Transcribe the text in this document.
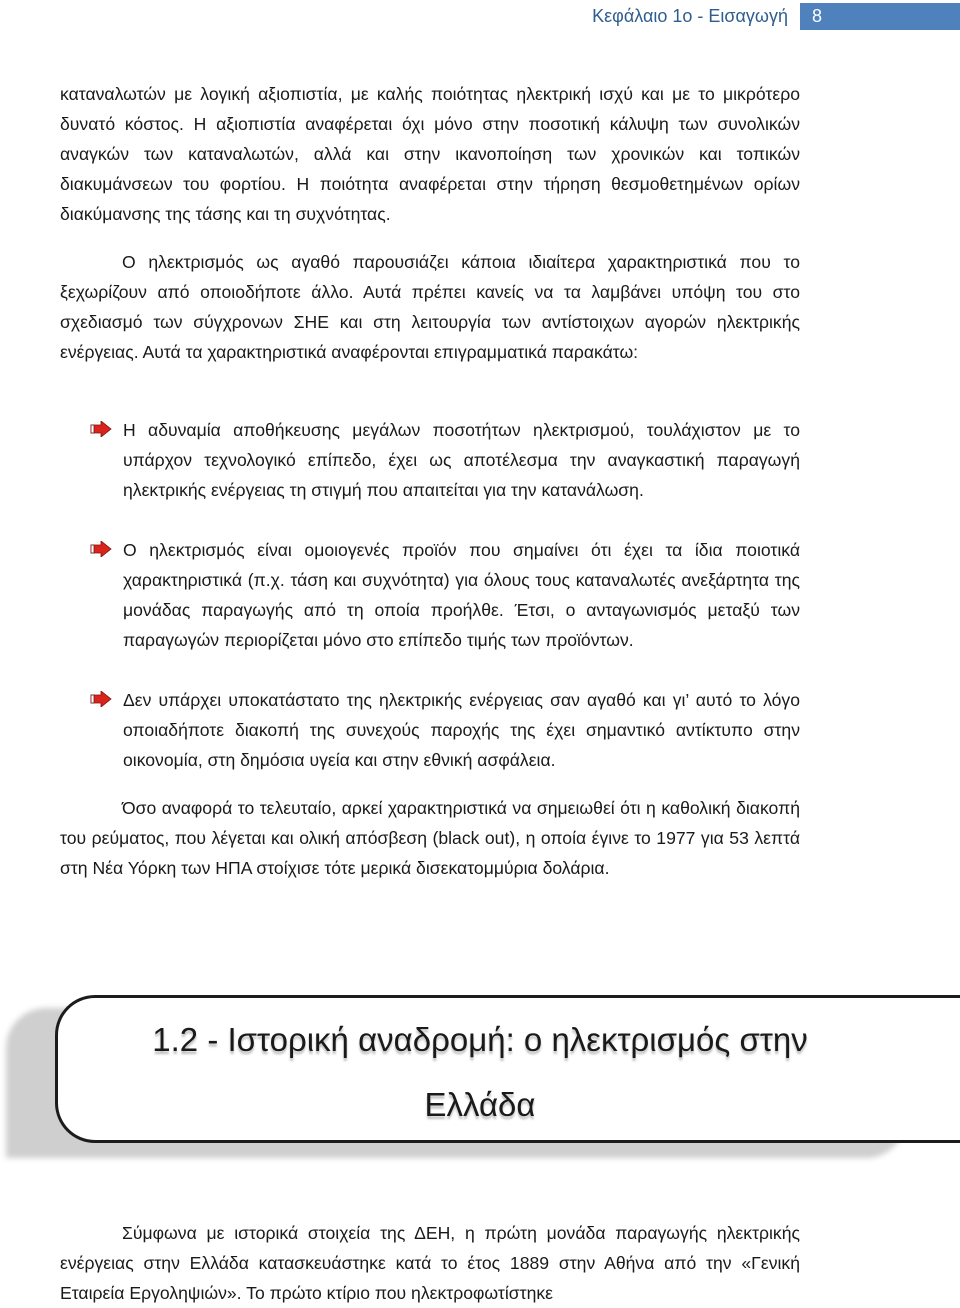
Κεφάλαιο 1ο - Εισαγωγή	8

καταναλωτών με λογική αξιοπιστία, με καλής ποιότητας ηλεκτρική ισχύ και με το μικρότερο δυνατό κόστος. Η αξιοπιστία αναφέρεται όχι μόνο στην ποσοτική κάλυψη των συνολικών αναγκών των καταναλωτών, αλλά και στην ικανοποίηση των χρονικών και τοπικών διακυμάνσεων του φορτίου. Η ποιότητα αναφέρεται στην τήρηση θεσμοθετημένων ορίων διακύμανσης της τάσης και τη συχνότητας.

Ο ηλεκτρισμός ως αγαθό παρουσιάζει κάποια ιδιαίτερα χαρακτηριστικά που το ξεχωρίζουν από οποιοδήποτε άλλο. Αυτά πρέπει κανείς να τα λαμβάνει υπόψη του στο σχεδιασμό των σύγχρονων ΣΗΕ και στη λειτουργία των αντίστοιχων αγορών ηλεκτρικής ενέργειας. Αυτά τα χαρακτηριστικά αναφέρονται επιγραμματικά παρακάτω:

Η αδυναμία αποθήκευσης μεγάλων ποσοτήτων ηλεκτρισμού, τουλάχιστον με το υπάρχον τεχνολογικό επίπεδο, έχει ως αποτέλεσμα την αναγκαστική παραγωγή ηλεκτρικής ενέργειας τη στιγμή που απαιτείται για την κατανάλωση.

Ο ηλεκτρισμός είναι ομοιογενές προϊόν που σημαίνει ότι έχει τα ίδια ποιοτικά χαρακτηριστικά (π.χ. τάση και συχνότητα) για όλους τους καταναλωτές ανεξάρτητα της μονάδας παραγωγής από τη οποία προήλθε. Έτσι, ο ανταγωνισμός μεταξύ των παραγωγών περιορίζεται μόνο στο επίπεδο τιμής των προϊόντων.

Δεν υπάρχει υποκατάστατο της ηλεκτρικής ενέργειας σαν αγαθό και γι’ αυτό το λόγο οποιαδήποτε διακοπή της συνεχούς παροχής της έχει σημαντικό αντίκτυπο στην οικονομία, στη δημόσια υγεία και στην εθνική ασφάλεια.

Όσο αναφορά το τελευταίο, αρκεί χαρακτηριστικά να σημειωθεί ότι η καθολική διακοπή του ρεύματος, που λέγεται και ολική απόσβεση (black out), η οποία έγινε το 1977 για 53 λεπτά στη Νέα Υόρκη των ΗΠΑ στοίχισε τότε μερικά δισεκατομμύρια δολάρια.

1.2 - Ιστορική αναδρομή: ο ηλεκτρισμός στην
Ελλάδα

Σύμφωνα με ιστορικά στοιχεία της ΔΕΗ, η πρώτη μονάδα παραγωγής ηλεκτρικής ενέργειας στην Ελλάδα κατασκευάστηκε κατά το έτος 1889 στην Αθήνα από την «Γενική Εταιρεία Εργοληψιών». Το πρώτο κτίριο που ηλεκτροφωτίστηκε
